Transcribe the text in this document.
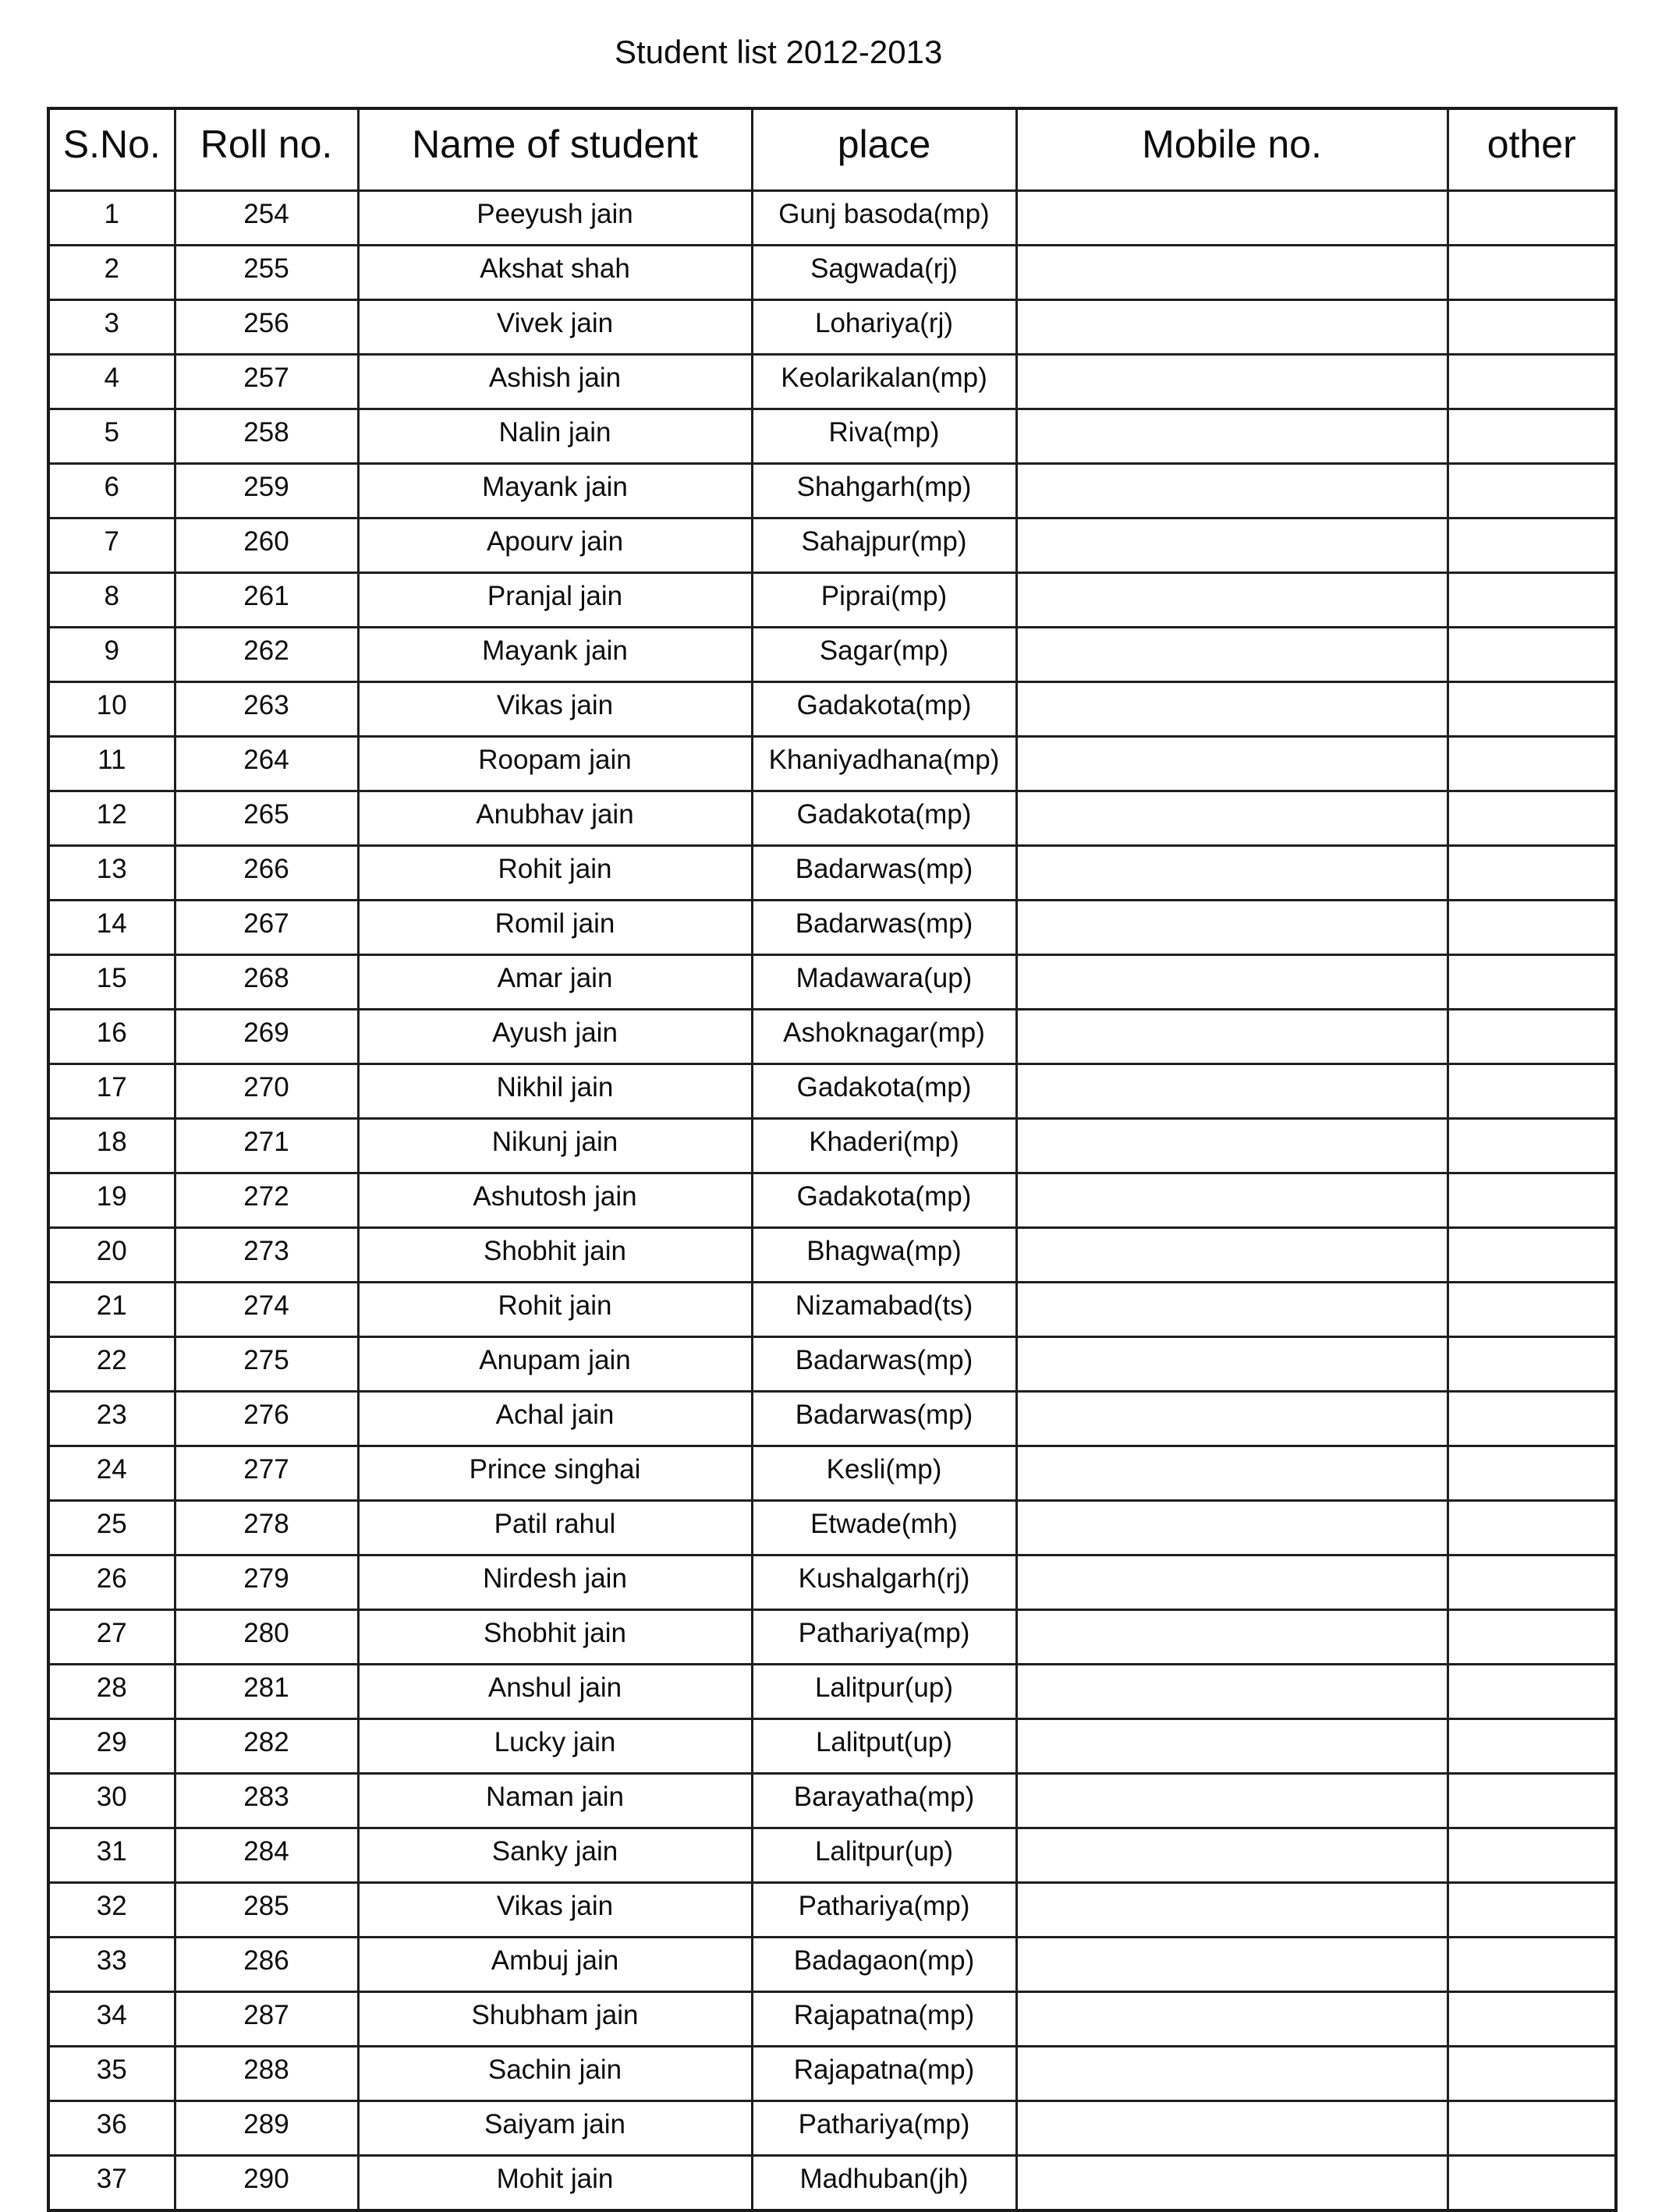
Student list 2012-2013
S.No.	Roll no.	Name of student	place	Mobile no.	other
1	254	Peeyush jain	Gunj basoda(mp)		
2	255	Akshat shah	Sagwada(rj)		
3	256	Vivek jain	Lohariya(rj)		
4	257	Ashish jain	Keolarikalan(mp)		
5	258	Nalin jain	Riva(mp)		
6	259	Mayank jain	Shahgarh(mp)		
7	260	Apourv jain	Sahajpur(mp)		
8	261	Pranjal jain	Piprai(mp)		
9	262	Mayank jain	Sagar(mp)		
10	263	Vikas jain	Gadakota(mp)		
11	264	Roopam jain	Khaniyadhana(mp)		
12	265	Anubhav jain	Gadakota(mp)		
13	266	Rohit jain	Badarwas(mp)		
14	267	Romil jain	Badarwas(mp)		
15	268	Amar jain	Madawara(up)		
16	269	Ayush jain	Ashoknagar(mp)		
17	270	Nikhil jain	Gadakota(mp)		
18	271	Nikunj jain	Khaderi(mp)		
19	272	Ashutosh jain	Gadakota(mp)		
20	273	Shobhit jain	Bhagwa(mp)		
21	274	Rohit jain	Nizamabad(ts)		
22	275	Anupam jain	Badarwas(mp)		
23	276	Achal jain	Badarwas(mp)		
24	277	Prince singhai	Kesli(mp)		
25	278	Patil rahul	Etwade(mh)		
26	279	Nirdesh jain	Kushalgarh(rj)		
27	280	Shobhit jain	Pathariya(mp)		
28	281	Anshul jain	Lalitpur(up)		
29	282	Lucky jain	Lalitput(up)		
30	283	Naman jain	Barayatha(mp)		
31	284	Sanky jain	Lalitpur(up)		
32	285	Vikas jain	Pathariya(mp)		
33	286	Ambuj jain	Badagaon(mp)		
34	287	Shubham jain	Rajapatna(mp)		
35	288	Sachin jain	Rajapatna(mp)		
36	289	Saiyam jain	Pathariya(mp)		
37	290	Mohit jain	Madhuban(jh)		
